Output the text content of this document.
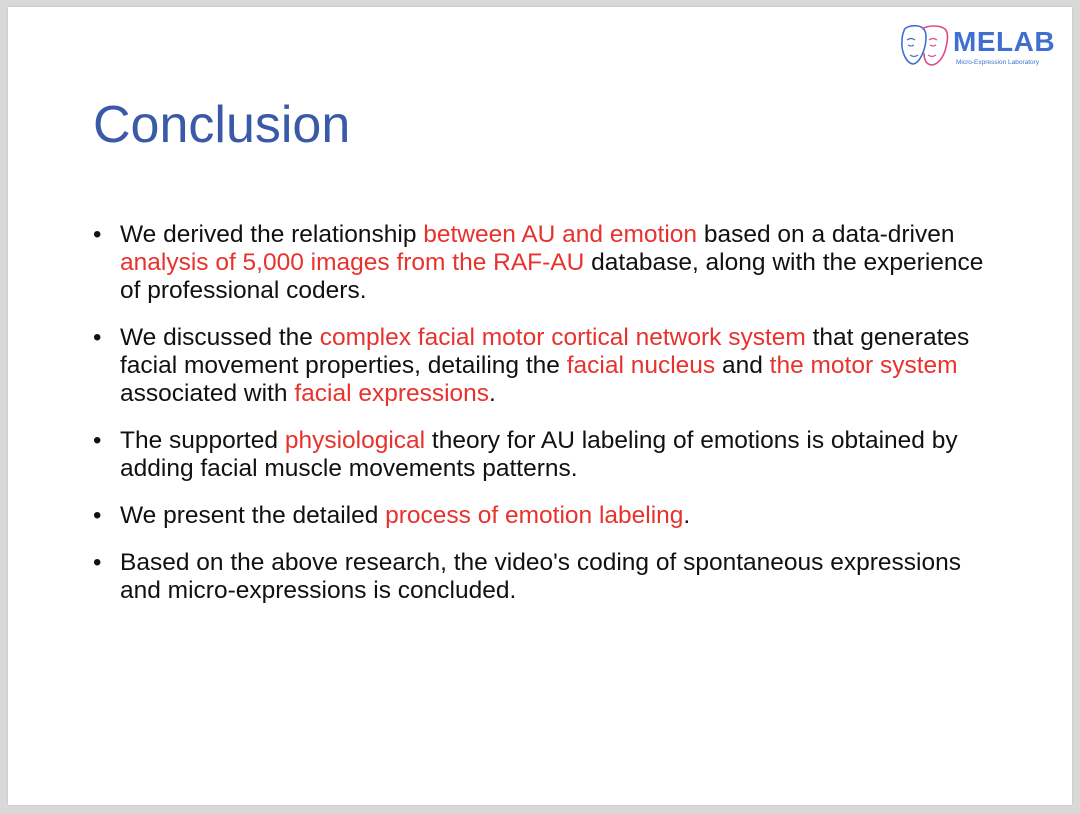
MELAB
Micro-Expression Laboratory
Conclusion
• We derived the relationship between AU and emotion based on a data-driven analysis of 5,000 images from the RAF-AU database, along with the experience of professional coders.
• We discussed the complex facial motor cortical network system that generates facial movement properties, detailing the facial nucleus and the motor system associated with facial expressions.
• The supported physiological theory for AU labeling of emotions is obtained by adding facial muscle movements patterns.
• We present the detailed process of emotion labeling.
• Based on the above research, the video's coding of spontaneous expressions and micro-expressions is concluded.
